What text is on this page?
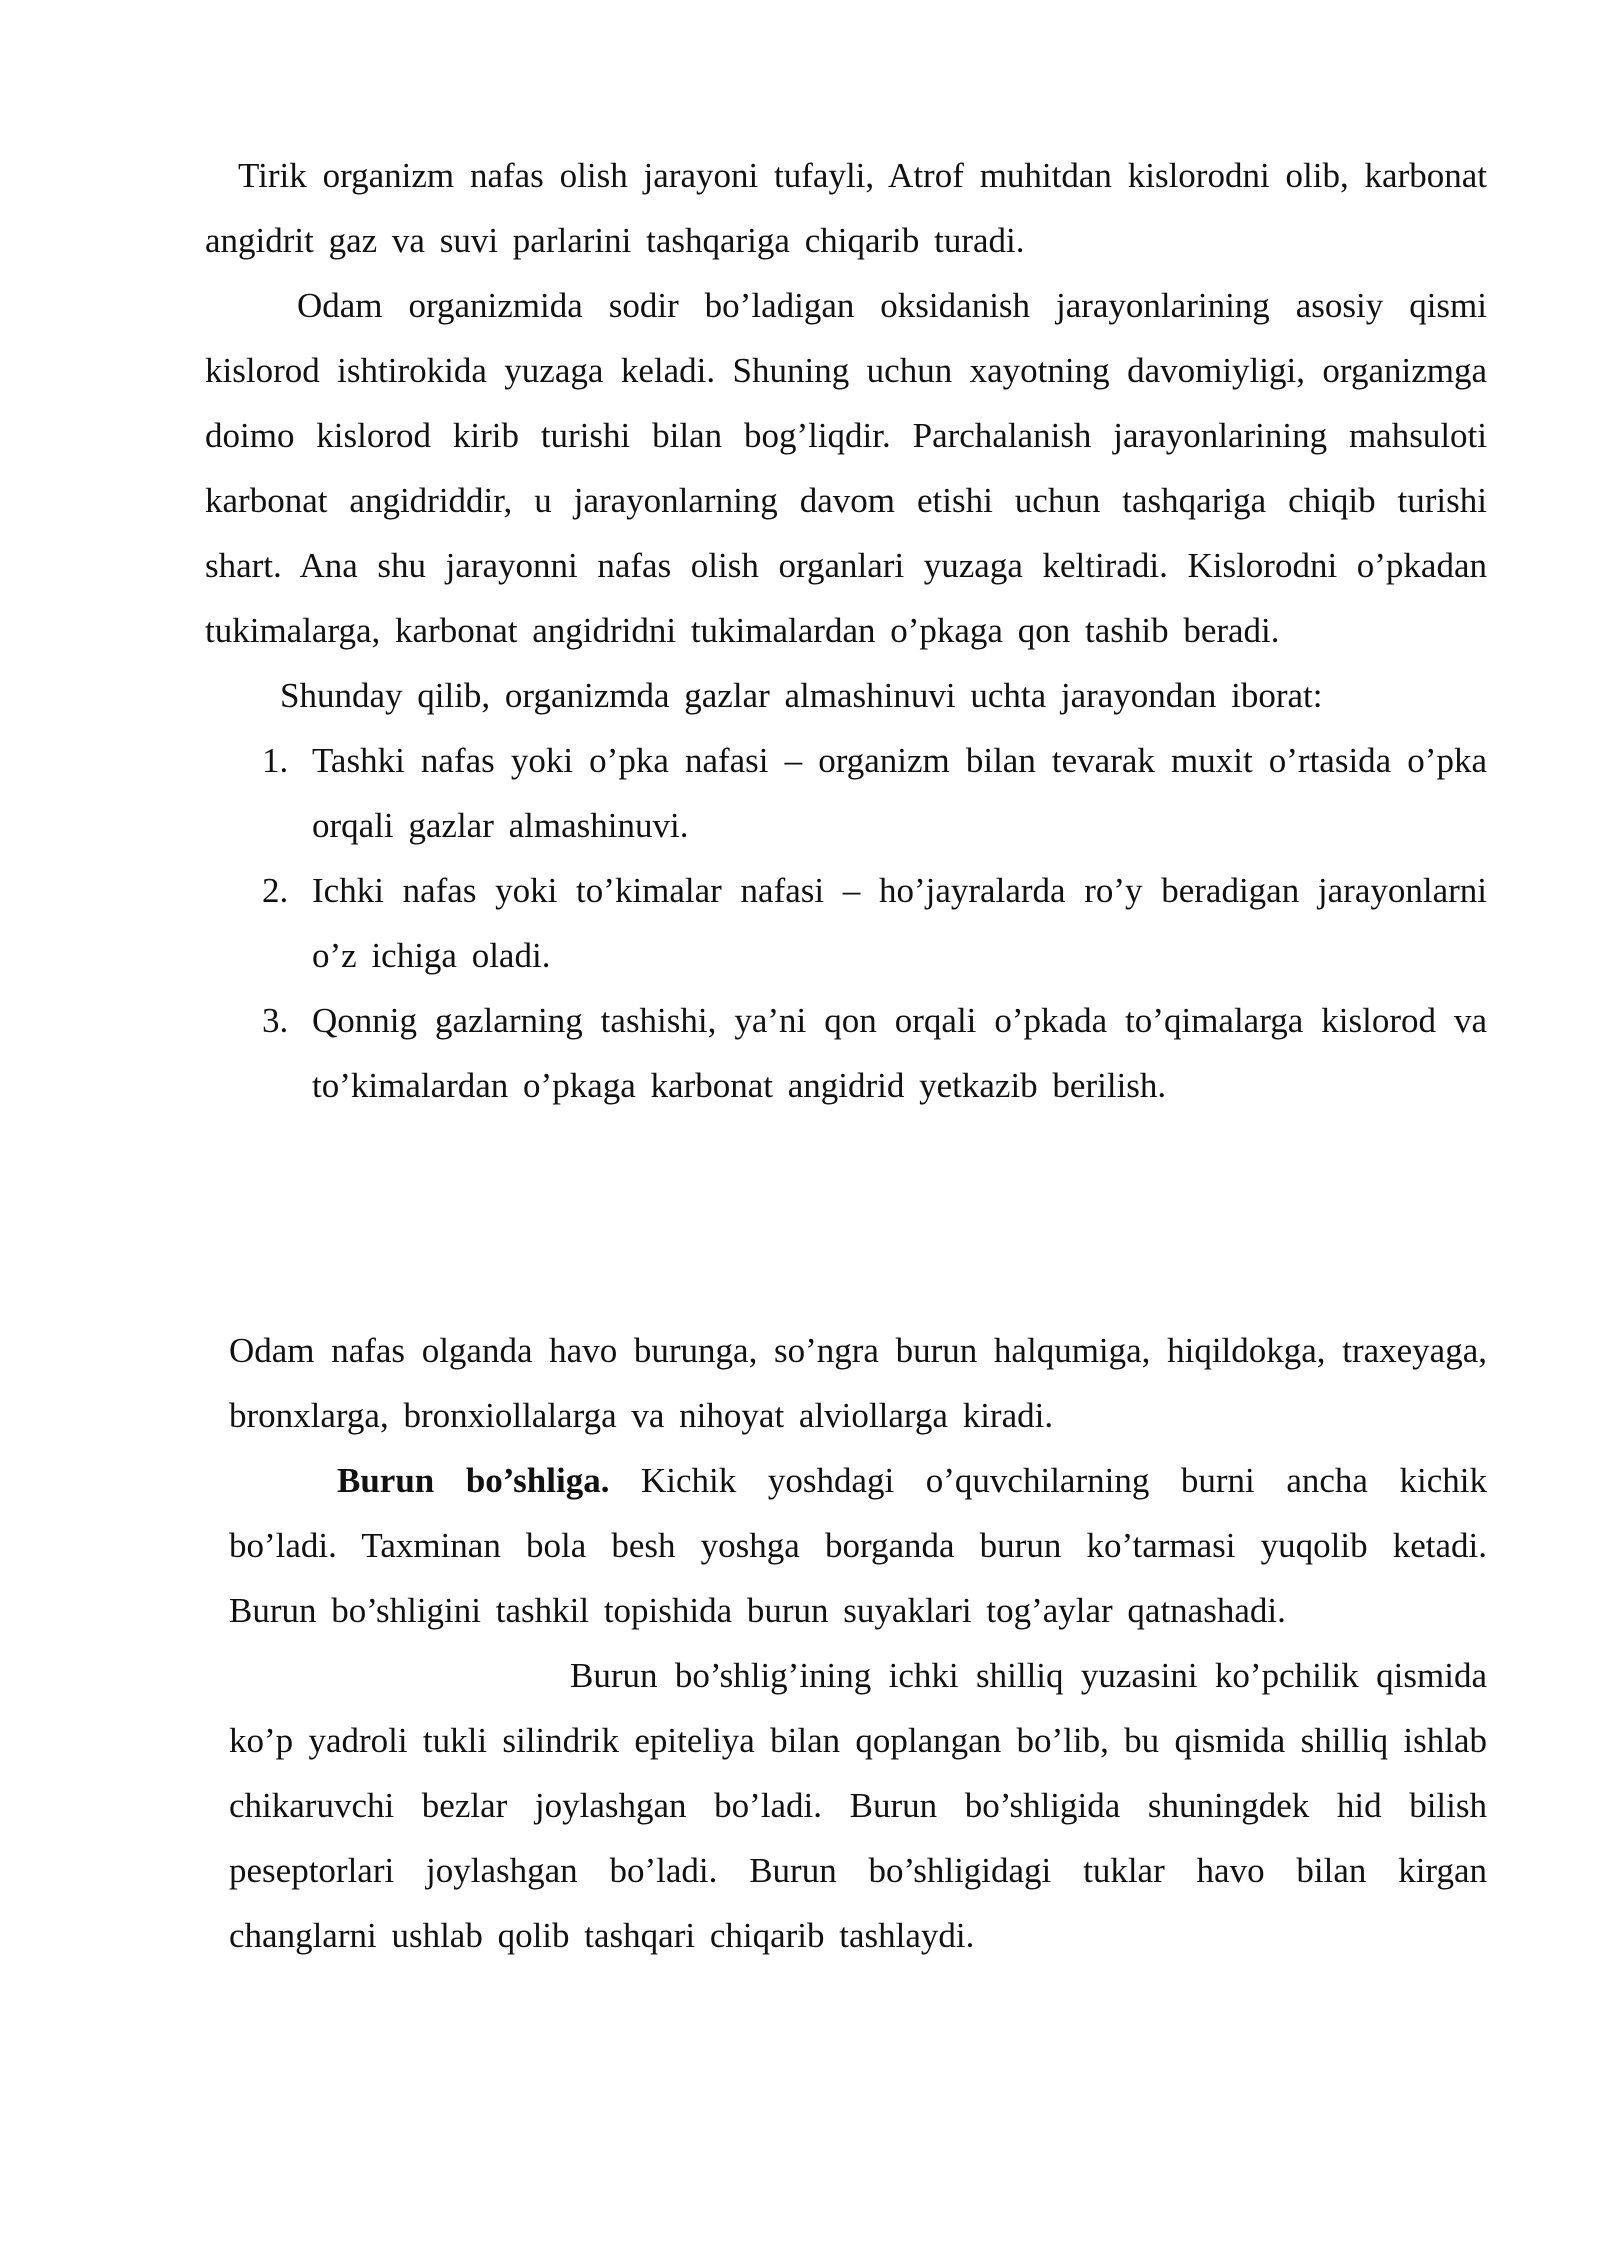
Tirik organizm nafas olish jarayoni tufayli, Atrof muhitdan kislorodni olib, karbonat angidrit gaz va suvi parlarini tashqariga chiqarib turadi.

Odam organizmida sodir bo’ladigan oksidanish jarayonlarining asosiy qismi kislorod ishtirokida yuzaga keladi. Shuning uchun xayotning davomiyligi, organizmga doimo kislorod kirib turishi bilan bog’liqdir. Parchalanish jarayonlarining mahsuloti karbonat angidriddir, u jarayonlarning davom etishi uchun tashqariga chiqib turishi shart. Ana shu jarayonni nafas olish organlari yuzaga keltiradi. Kislorodni o’pkadan tukimalarga, karbonat angidridni tukimalardan o’pkaga qon tashib beradi.

Shunday qilib, organizmda gazlar almashinuvi uchta jarayondan iborat:

1. Tashki nafas yoki o’pka nafasi – organizm bilan tevarak muxit o’rtasida o’pka orqali gazlar almashinuvi.
2. Ichki nafas yoki to’kimalar nafasi – ho’jayralarda ro’y beradigan jarayonlarni o’z ichiga oladi.
3. Qonnig gazlarning tashishi, ya’ni qon orqali o’pkada to’qimalarga kislorod va to’kimalardan o’pkaga karbonat angidrid yetkazib berilish.

Odam nafas olganda havo burunga, so’ngra burun halqumiga, hiqildokga, traxeyaga, bronxlarga, bronxiollalarga va nihoyat alviollarga kiradi.

Burun bo’shliga. Kichik yoshdagi o’quvchilarning burni ancha kichik bo’ladi. Taxminan bola besh yoshga borganda burun ko’tarmasi yuqolib ketadi. Burun bo’shligini tashkil topishida burun suyaklari tog’aylar qatnashadi.

Burun bo’shlig’ining ichki shilliq yuzasini ko’pchilik qismida ko’p yadroli tukli silindrik epiteliya bilan qoplangan bo’lib, bu qismida shilliq ishlab chikaruvchi bezlar joylashgan bo’ladi. Burun bo’shligida shuningdek hid bilish peseptorlari joylashgan bo’ladi. Burun bo’shligidagi tuklar havo bilan kirgan changlarni ushlab qolib tashqari chiqarib tashlaydi.
